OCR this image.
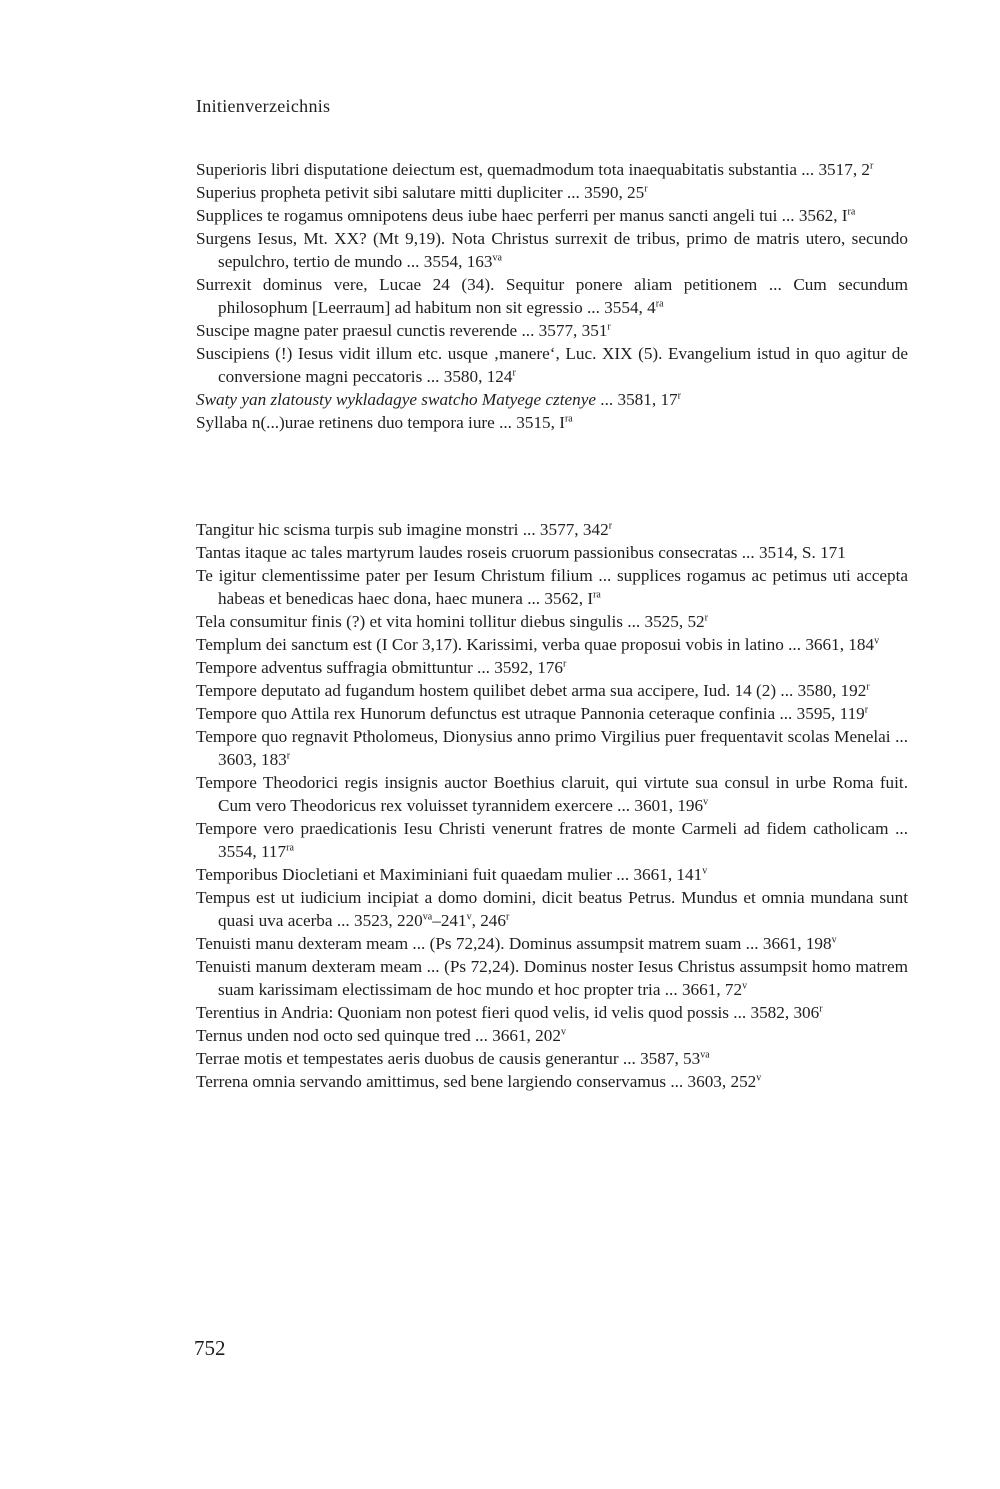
Initienverzeichnis

Superioris libri disputatione deiectum est, quemadmodum tota inaequabitatis substantia ... 3517, 2$^r$

Superius propheta petivit sibi salutare mitti dupliciter ... 3590, 25$^r$

Supplices te rogamus omnipotens deus iube haec perferri per manus sancti angeli tui ... 3562, $I^{ra}$

Surgens Iesus, Mt. XX? (Mt 9,19). Nota Christus surrexit de tribus, primo de matris utero, secundo sepulchro, tertio de mundo ... 3554, $163^{va}$

Surrexit dominus vere, Lucae 24 (34). Sequitur ponere aliam petitionem ... Cum secundum philosophum [Leerraum] ad habitum non sit egressio ... 3554, $4^{ra}$

Suscipe magne pater praesul cunctis reverende ... 3577, 351$^r$

Suscipiens (!) Iesus vidit illum etc. usque ‚manere‘, Luc. XIX (5). Evangelium istud in quo agitur de conversione magni peccatoris ... 3580, 124$^r$

Swaty yan zlatousty wykladagye swatcho Matyege cztenye ... 3581, 17$^r$

Syllaba n(...)urae retinens duo tempora iure ... 3515, $I^{ra}$

Tangitur hic scisma turpis sub imagine monstri ... 3577, 342$^r$

Tantas itaque ac tales martyrum laudes roseis cruorum passionibus consecratas ... 3514, S. 171

Te igitur clementissime pater per Iesum Christum filium ... supplices rogamus ac petimus uti accepta habeas et benedicas haec dona, haec munera ... 3562, $I^{ra}$

Tela consumitur finis (?) et vita homini tollitur diebus singulis ... 3525, 52$^r$

Templum dei sanctum est (I Cor 3,17). Karissimi, verba quae proposui vobis in latino ... 3661, 184$^v$

Tempore adventus suffragia obmittuntur ... 3592, 176$^r$

Tempore deputato ad fugandum hostem quilibet debet arma sua accipere, Iud. 14 (2) ... 3580, 192$^r$

Tempore quo Attila rex Hunorum defunctus est utraque Pannonia ceteraque confinia ... 3595, 119$^r$

Tempore quo regnavit Ptholomeus, Dionysius anno primo Virgilius puer frequentavit scolas Menelai ... 3603, 183$^r$

Tempore Theodorici regis insignis auctor Boethius claruit, qui virtute sua consul in urbe Roma fuit. Cum vero Theodoricus rex voluisset tyrannidem exercere ... 3601, 196$^v$

Tempore vero praedicationis Iesu Christi venerunt fratres de monte Carmeli ad fidem catholicam ... 3554, $117^{ra}$

Temporibus Diocletiani et Maximiniani fuit quaedam mulier ... 3661, 141$^v$

Tempus est ut iudicium incipiat a domo domini, dicit beatus Petrus. Mundus et omnia mundana sunt quasi uva acerba ... 3523, $220^{va}-241^v$, 246$^r$

Tenuisti manu dexteram meam ... (Ps 72,24). Dominus assumpsit matrem suam ... 3661, 198$^v$

Tenuisti manum dexteram meam ... (Ps 72,24). Dominus noster Iesus Christus assumpsit homo matrem suam karissimam electissimam de hoc mundo et hoc propter tria ... 3661, 72$^v$

Terentius in Andria: Quoniam non potest fieri quod velis, id velis quod possis ... 3582, 306$^r$

Ternus unden nod octo sed quinque tred ... 3661, 202$^v$

Terrae motis et tempestates aeris duobus de causis generantur ... 3587, $53^{va}$

Terrena omnia servando amittimus, sed bene largiendo conservamus ... 3603, 252$^v$

752
